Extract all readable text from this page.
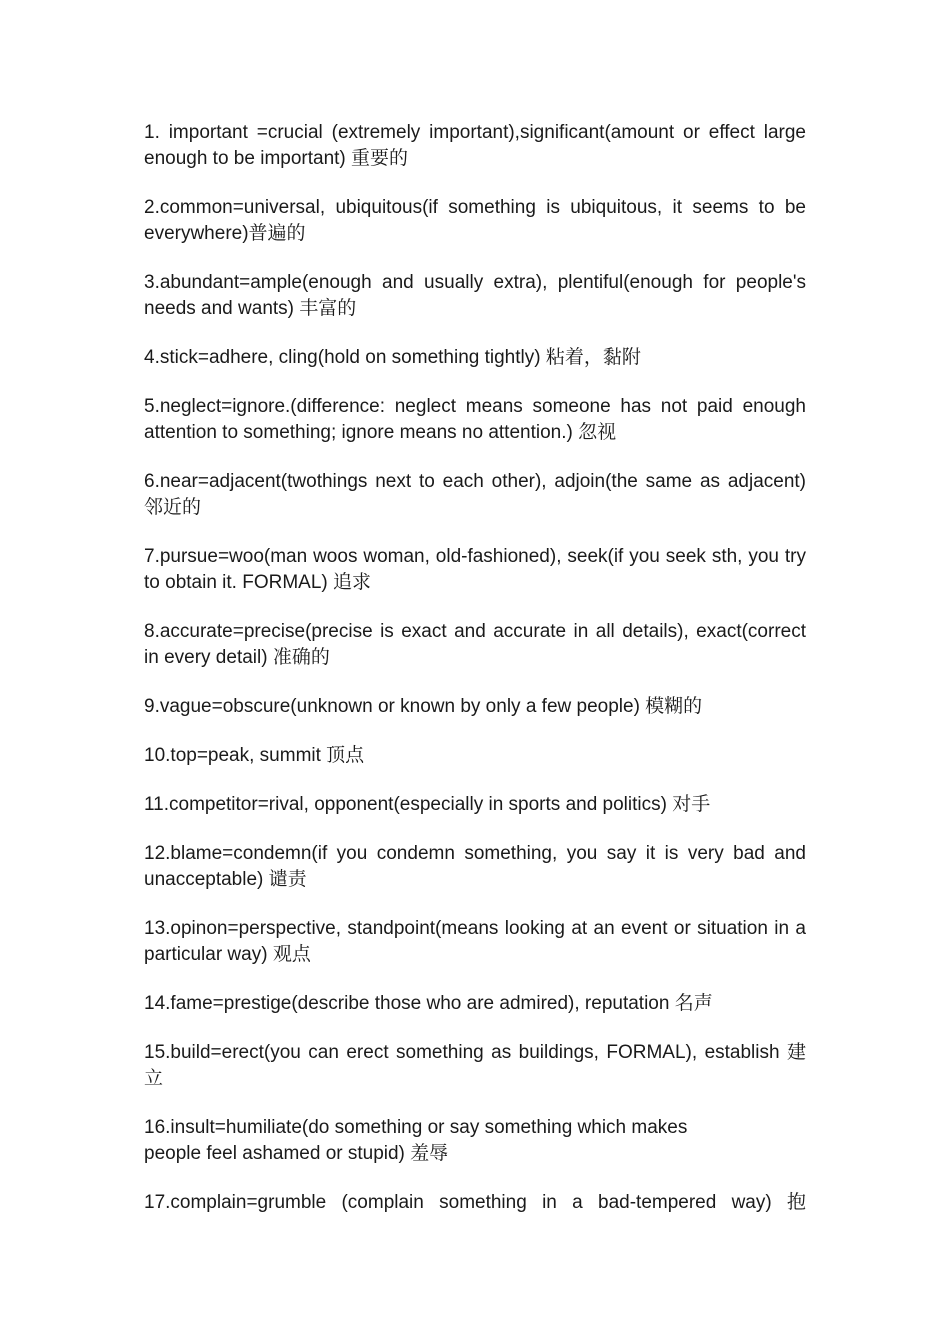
1. important =crucial (extremely important),significant(amount or effect large enough to be important) 重要的

2.common=universal, ubiquitous(if something is ubiquitous, it seems to be everywhere)普遍的

3.abundant=ample(enough and usually extra), plentiful(enough for people's needs and wants) 丰富的

4.stick=adhere, cling(hold on something tightly) 粘着，黏附

5.neglect=ignore.(difference: neglect means someone has not paid enough attention to something; ignore means no attention.) 忽视

6.near=adjacent(twothings next to each other), adjoin(the same as adjacent) 邻近的

7.pursue=woo(man woos woman, old-fashioned), seek(if you seek sth, you try to obtain it. FORMAL) 追求

8.accurate=precise(precise is exact and accurate in all details), exact(correct in every detail) 准确的

9.vague=obscure(unknown or known by only a few people) 模糊的

10.top=peak, summit 顶点

11.competitor=rival, opponent(especially in sports and politics) 对手

12.blame=condemn(if you condemn something, you say it is very bad and unacceptable) 谴责

13.opinon=perspective, standpoint(means looking at an event or situation in a particular way) 观点

14.fame=prestige(describe those who are admired), reputation 名声

15.build=erect(you can erect something as buildings, FORMAL), establish 建立

16.insult=humiliate(do something or say something which makes
people feel ashamed or stupid) 羞辱

17.complain=grumble (complain something in a bad-tempered way) 抱
